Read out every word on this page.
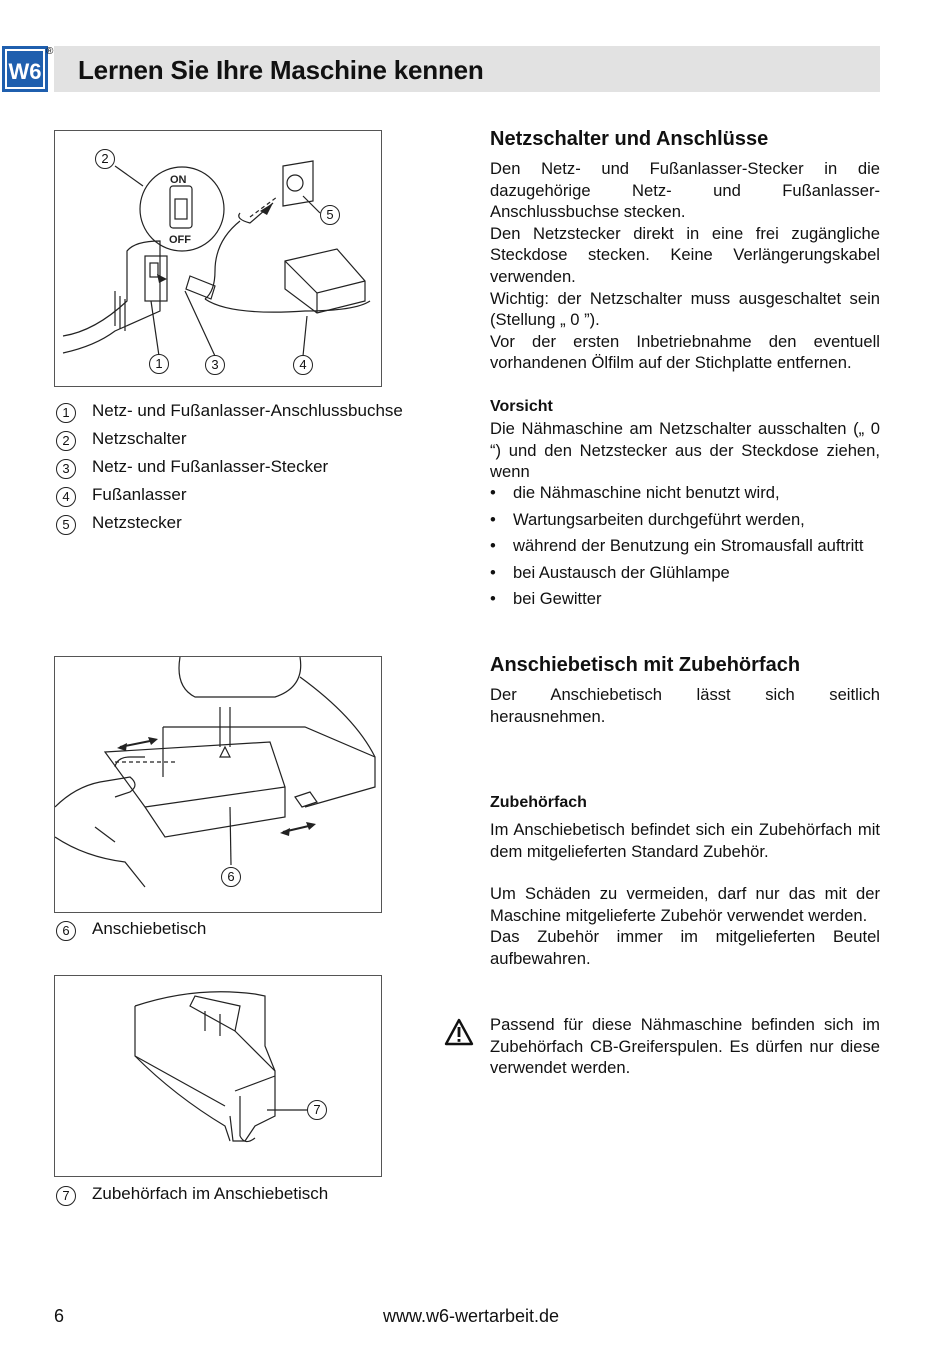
W6
®
Lernen Sie Ihre Maschine kennen
ON
OFF
2
5
1	3	4
1	Netz- und Fußanlasser-Anschlussbuchse
2	Netzschalter
3	Netz- und Fußanlasser-Stecker
4	Fußanlasser
5	Netzstecker
Netzschalter und Anschlüsse
Den Netz- und Fußanlasser-Stecker in die dazugehörige Netz- und Fußanlasser-Anschlussbuchse stecken.
Den Netzstecker direkt in eine frei zugängliche Steckdose stecken. Keine Verlängerungskabel verwenden.
Wichtig: der Netzschalter muss ausgeschaltet sein (Stellung „ 0 ”).
Vor der ersten Inbetriebnahme den eventuell vorhandenen Ölfilm auf der Stichplatte entfernen.
Vorsicht
Die Nähmaschine am Netzschalter ausschalten („ 0 “) und den Netzstecker aus der Steckdose ziehen, wenn
• die Nähmaschine nicht benutzt wird,
• Wartungsarbeiten durchgeführt werden,
• während der Benutzung ein Stromausfall auftritt
• bei Austausch der Glühlampe
• bei Gewitter
6
6	Anschiebetisch
Anschiebetisch mit Zubehörfach
Der Anschiebetisch lässt sich seitlich herausnehmen.
Zubehörfach
Im Anschiebetisch befindet sich ein Zubehörfach mit dem mitgelieferten Standard Zubehör.
Um Schäden zu vermeiden, darf nur das mit der Maschine mitgelieferte Zubehör verwendet werden.
Das Zubehör immer im mitgelieferten Beutel aufbewahren.
Passend für diese Nähmaschine befinden sich im Zubehörfach CB-Greiferspulen. Es dürfen nur diese verwendet werden.
7
7	Zubehörfach im Anschiebetisch
6	www.w6-wertarbeit.de
